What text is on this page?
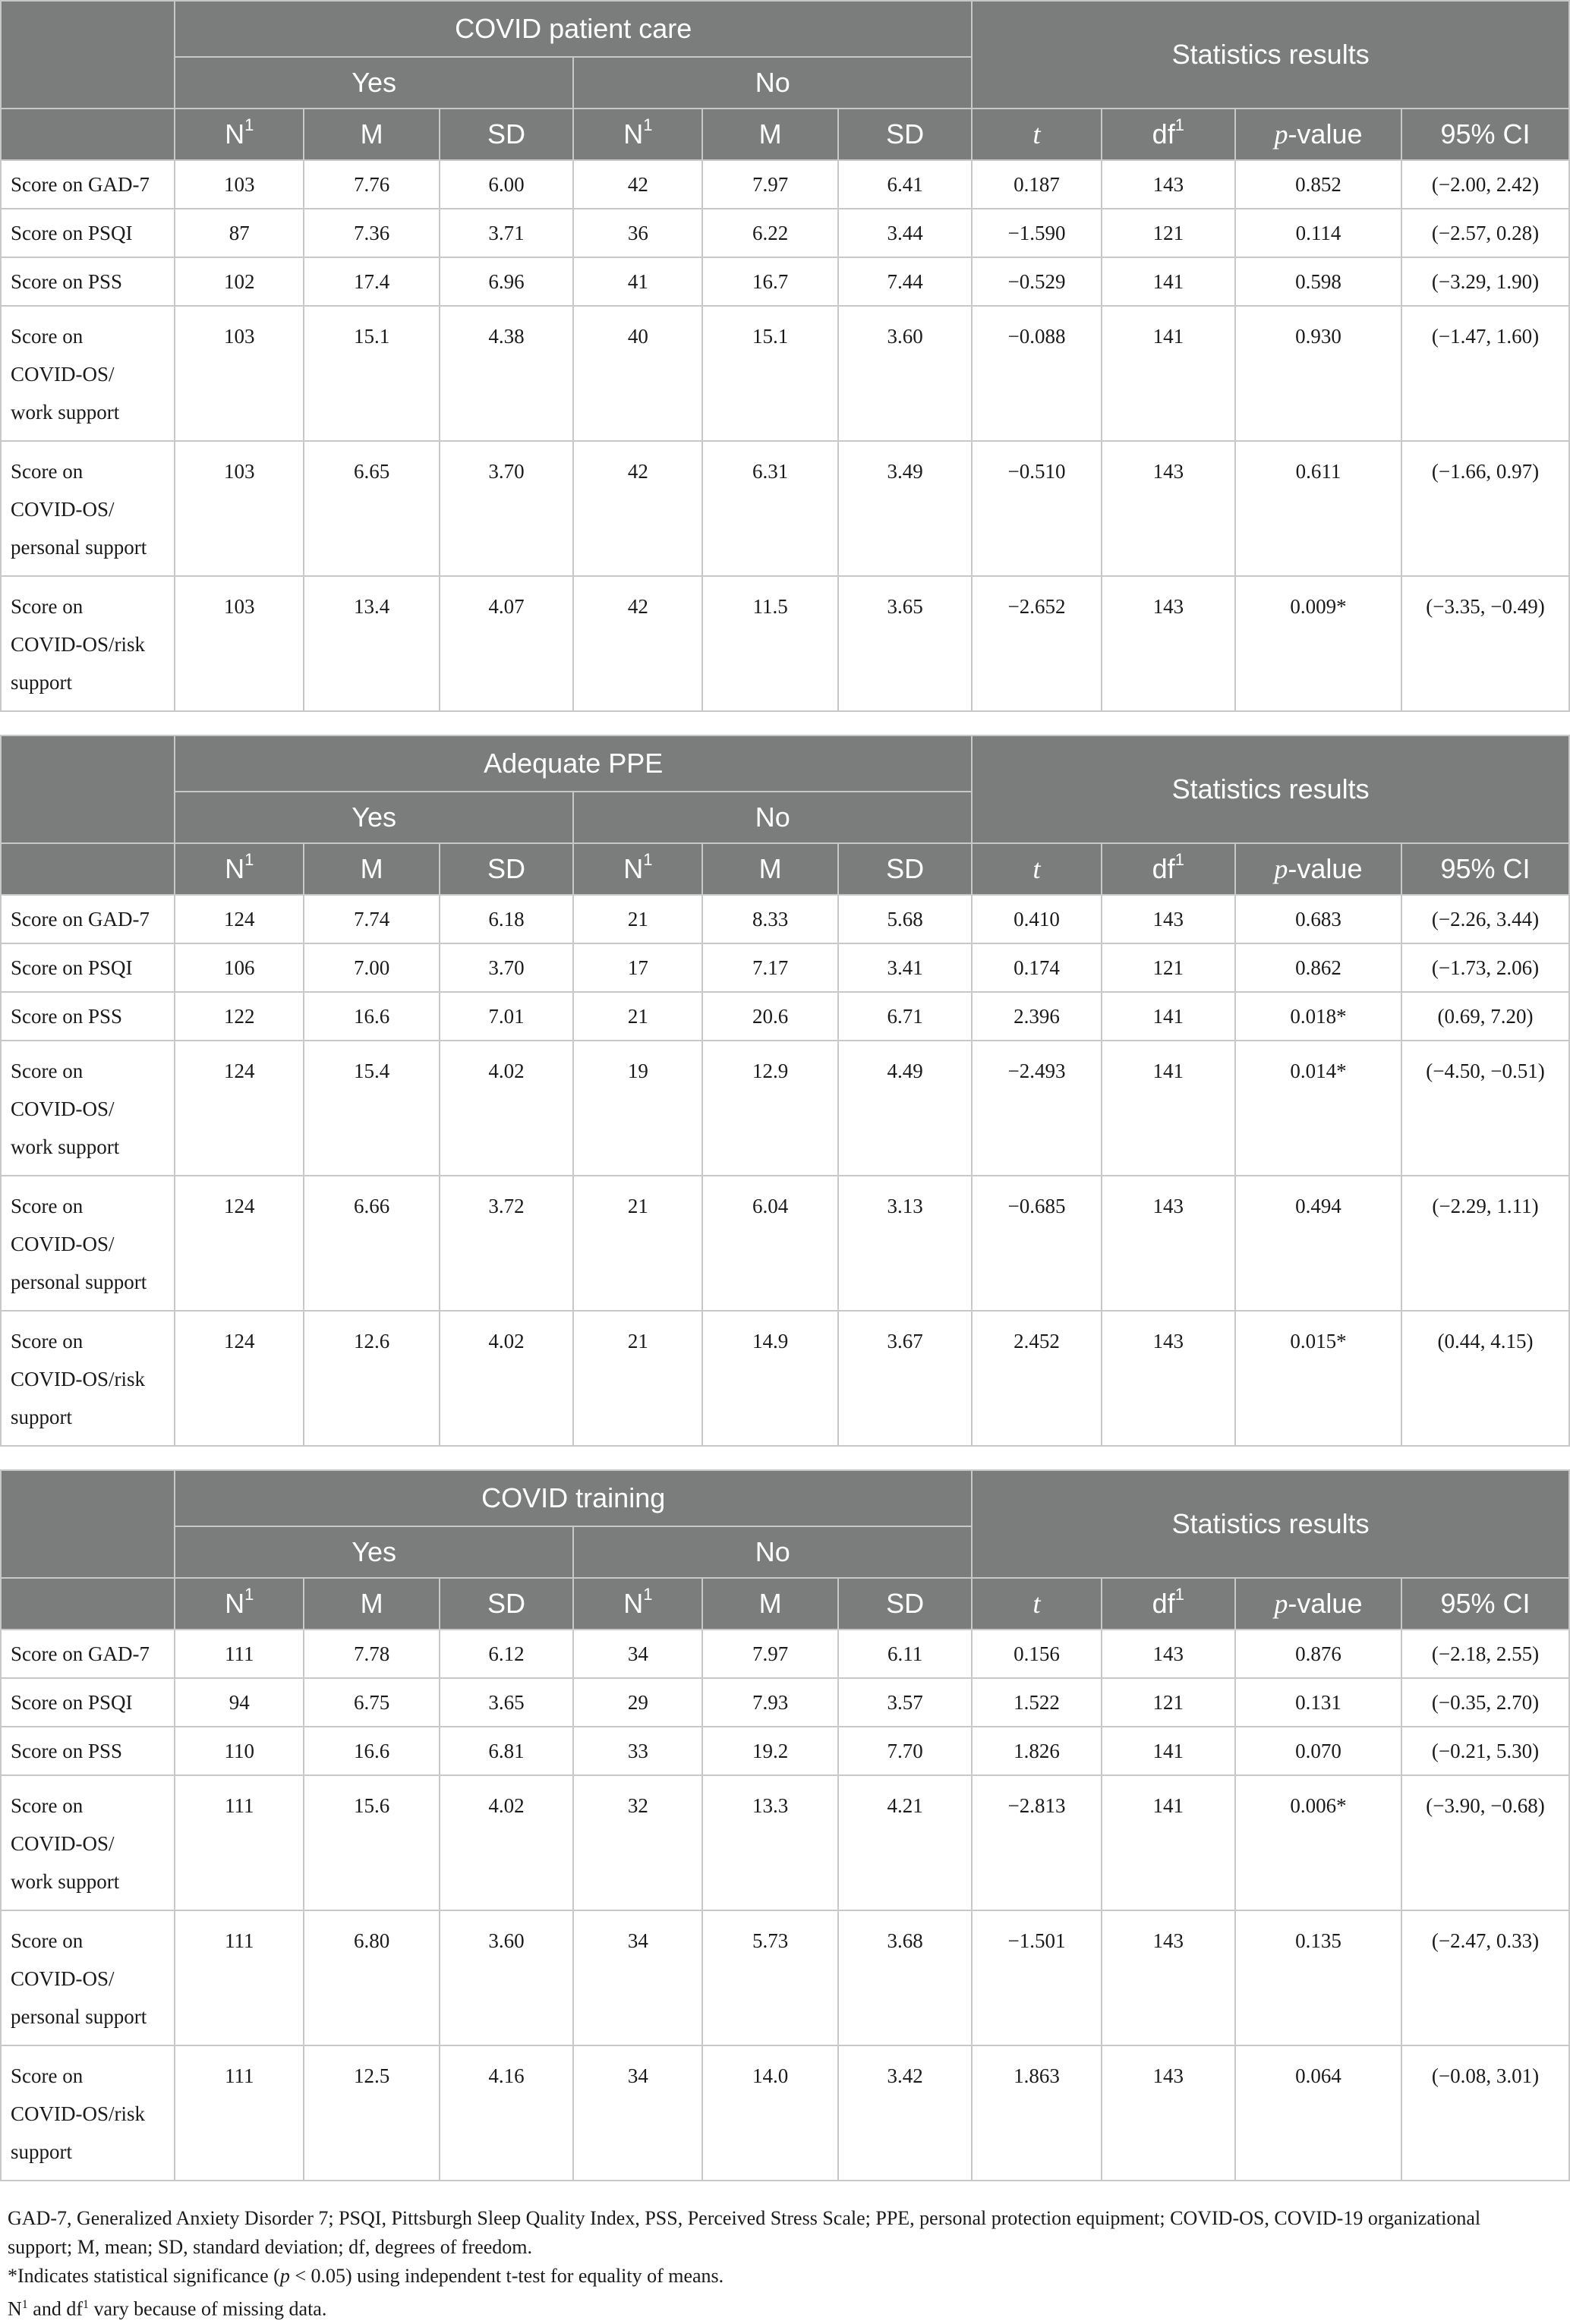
	COVID patient care						Statistics results			
	Yes			No						
	$N^1$	M	SD	$N^1$	M	SD	t	$df^1$	p-value	95% CI

Score on GAD-7	103	7.76	6.00	42	7.97	6.41	0.187	143	0.852	(−2.00, 2.42)

Score on PSQI	87	7.36	3.71	36	6.22	3.44	−1.590	121	0.114	(−2.57, 0.28)

Score on PSS	102	17.4	6.96	41	16.7	7.44	−0.529	141	0.598	(−3.29, 1.90)

Score on
COVID-OS/
work support	103	15.1	4.38	40	15.1	3.60	−0.088	141	0.930	(−1.47, 1.60)

Score on
COVID-OS/
personal support	103	6.65	3.70	42	6.31	3.49	−0.510	143	0.611	(−1.66, 0.97)

Score on
COVID-OS/risk
support	103	13.4	4.07	42	11.5	3.65	−2.652	143	0.009*	(−3.35, −0.49)
	Adequate PPE						Statistics results			
	Yes			No						
	$N^1$	M	SD	$N^1$	M	SD	t	$df^1$	p-value	95% CI

Score on GAD-7	124	7.74	6.18	21	8.33	5.68	0.410	143	0.683	(−2.26, 3.44)

Score on PSQI	106	7.00	3.70	17	7.17	3.41	0.174	121	0.862	(−1.73, 2.06)

Score on PSS	122	16.6	7.01	21	20.6	6.71	2.396	141	0.018*	(0.69, 7.20)

Score on
COVID-OS/
work support	124	15.4	4.02	19	12.9	4.49	−2.493	141	0.014*	(−4.50, −0.51)

Score on
COVID-OS/
personal support	124	6.66	3.72	21	6.04	3.13	−0.685	143	0.494	(−2.29, 1.11)

Score on
COVID-OS/risk
support	124	12.6	4.02	21	14.9	3.67	2.452	143	0.015*	(0.44, 4.15)
	COVID training						Statistics results			
	Yes			No						
	$N^1$	M	SD	$N^1$	M	SD	t	$df^1$	p-value	95% CI

Score on GAD-7	111	7.78	6.12	34	7.97	6.11	0.156	143	0.876	(−2.18, 2.55)

Score on PSQI	94	6.75	3.65	29	7.93	3.57	1.522	121	0.131	(−0.35, 2.70)

Score on PSS	110	16.6	6.81	33	19.2	7.70	1.826	141	0.070	(−0.21, 5.30)

Score on
COVID-OS/
work support	111	15.6	4.02	32	13.3	4.21	−2.813	141	0.006*	(−3.90, −0.68)

Score on
COVID-OS/
personal support	111	6.80	3.60	34	5.73	3.68	−1.501	143	0.135	(−2.47, 0.33)

Score on
COVID-OS/risk
support	111	12.5	4.16	34	14.0	3.42	1.863	143	0.064	(−0.08, 3.01)

GAD-7, Generalized Anxiety Disorder 7; PSQI, Pittsburgh Sleep Quality Index, PSS, Perceived Stress Scale; PPE, personal protection equipment; COVID-OS, COVID-19 organizational

support; M, mean; SD, standard deviation; df, degrees of freedom.

*Indicates statistical significance (p < 0.05) using independent t-test for equality of means.

$N^1$ and $df^1$ vary because of missing data.
